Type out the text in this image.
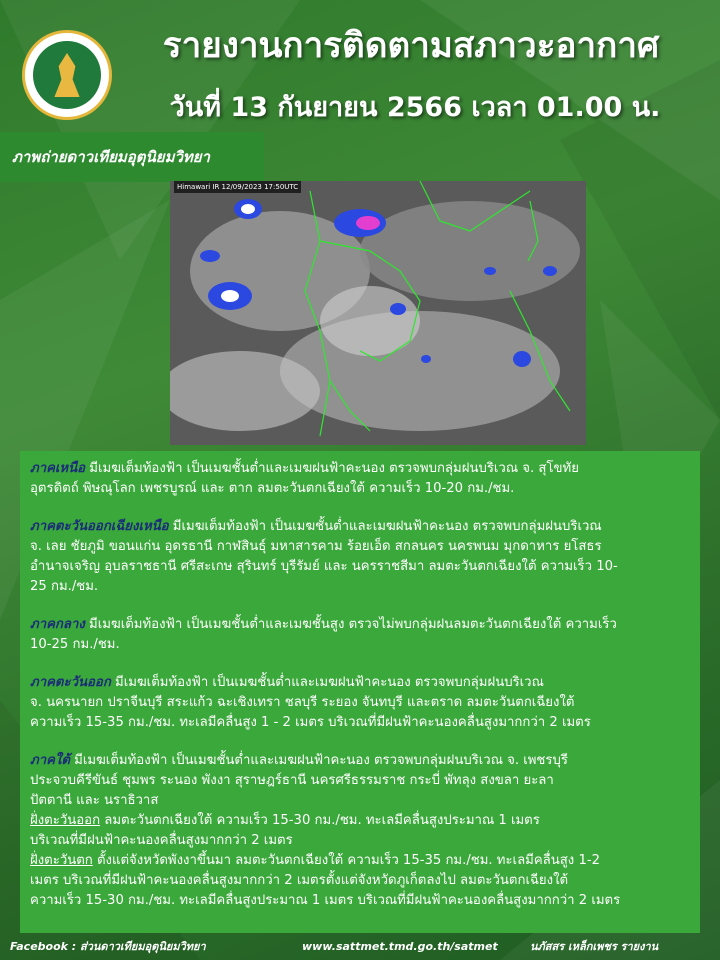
รายงานการติดตามสภาวะอากาศ
วันที่ 13 กันยายน 2566 เวลา 01.00 น.
ภาพถ่ายดาวเทียมอุตุนิยมวิทยา
Himawari IR 12/09/2023 17:50UTC

ภาคเหนือ มีเมฆเต็มท้องฟ้า เป็นเมฆชั้นต่ำและเมฆฝนฟ้าคะนอง ตรวจพบกลุ่มฝนบริเวณ จ. สุโขทัย
อุตรดิตถ์ พิษณุโลก เพชรบูรณ์ และ ตาก ลมตะวันตกเฉียงใต้ ความเร็ว 10-20 กม./ชม.

ภาคตะวันออกเฉียงเหนือ มีเมฆเต็มท้องฟ้า เป็นเมฆชั้นต่ำและเมฆฝนฟ้าคะนอง ตรวจพบกลุ่มฝนบริเวณ
จ. เลย ชัยภูมิ ขอนแก่น อุดรธานี กาฬสินธุ์ มหาสารคาม ร้อยเอ็ด สกลนคร นครพนม มุกดาหาร ยโสธร
อำนาจเจริญ อุบลราชธานี ศรีสะเกษ สุรินทร์ บุรีรัมย์ และ นครราชสีมา ลมตะวันตกเฉียงใต้ ความเร็ว 10-
25 กม./ชม.

ภาคกลาง มีเมฆเต็มท้องฟ้า เป็นเมฆชั้นต่ำและเมฆชั้นสูง ตรวจไม่พบกลุ่มฝนลมตะวันตกเฉียงใต้ ความเร็ว
10-25 กม./ชม.

ภาคตะวันออก มีเมฆเต็มท้องฟ้า เป็นเมฆชั้นต่ำและเมฆฝนฟ้าคะนอง ตรวจพบกลุ่มฝนบริเวณ
จ. นครนายก ปราจีนบุรี สระแก้ว ฉะเชิงเทรา ชลบุรี ระยอง จันทบุรี และตราด ลมตะวันตกเฉียงใต้
ความเร็ว 15-35 กม./ชม. ทะเลมีคลื่นสูง 1 - 2 เมตร บริเวณที่มีฝนฟ้าคะนองคลื่นสูงมากกว่า 2 เมตร

ภาคใต้ มีเมฆเต็มท้องฟ้า เป็นเมฆชั้นต่ำและเมฆฝนฟ้าคะนอง ตรวจพบกลุ่มฝนบริเวณ จ. เพชรบุรี
ประจวบคีรีขันธ์ ชุมพร ระนอง พังงา สุราษฎร์ธานี นครศรีธรรมราช กระบี่ พัทลุง สงขลา ยะลา
ปัตตานี และ นราธิวาส

ฝั่งตะวันออก ลมตะวันตกเฉียงใต้ ความเร็ว 15-30 กม./ชม. ทะเลมีคลื่นสูงประมาณ 1 เมตร
บริเวณที่มีฝนฟ้าคะนองคลื่นสูงมากกว่า 2 เมตร

ฝั่งตะวันตก ตั้งแต่จังหวัดพังงาขึ้นมา ลมตะวันตกเฉียงใต้ ความเร็ว 15-35 กม./ชม. ทะเลมีคลื่นสูง 1-2
เมตร บริเวณที่มีฝนฟ้าคะนองคลื่นสูงมากกว่า 2 เมตรตั้งแต่จังหวัดภูเก็ตลงไป ลมตะวันตกเฉียงใต้
ความเร็ว 15-30 กม./ชม. ทะเลมีคลื่นสูงประมาณ 1 เมตร บริเวณที่มีฝนฟ้าคะนองคลื่นสูงมากกว่า 2 เมตร

Facebook : ส่วนดาวเทียมอุตุนิยมวิทยา	www.sattmet.tmd.go.th/satmet	นภัสสร เหล็กเพชร รายงาน
